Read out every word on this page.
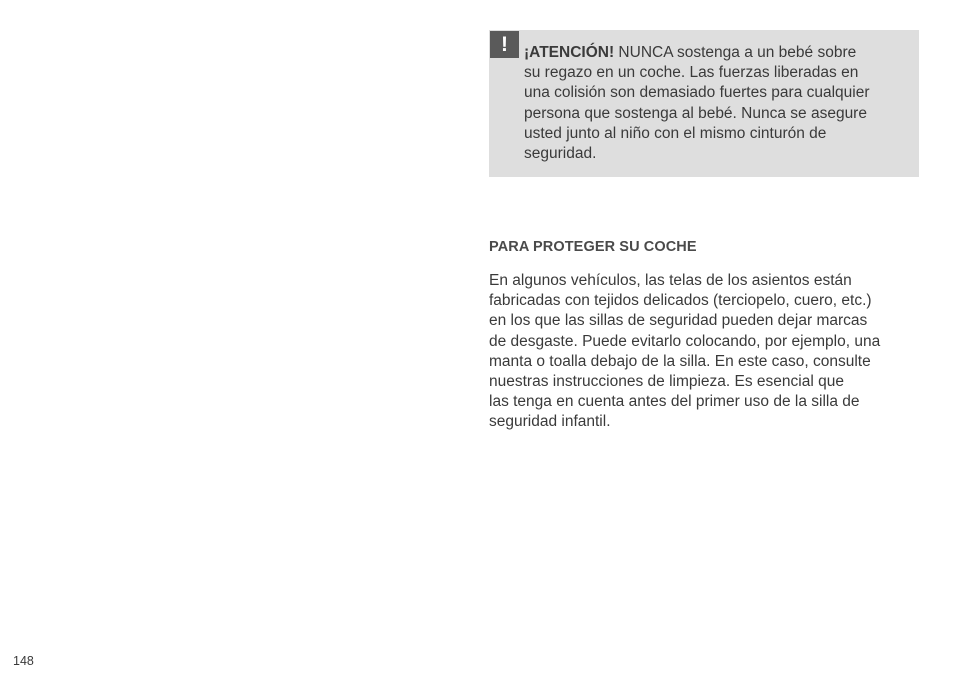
!	¡ATENCIÓN! NUNCA sostenga a un bebé sobre
su regazo en un coche. Las fuerzas liberadas en
una colisión son demasiado fuertes para cualquier
persona que sostenga al bebé. Nunca se asegure
usted junto al niño con el mismo cinturón de
seguridad.

PARA PROTEGER SU COCHE

En algunos vehículos, las telas de los asientos están
fabricadas con tejidos delicados (terciopelo, cuero, etc.)
en los que las sillas de seguridad pueden dejar marcas
de desgaste. Puede evitarlo colocando, por ejemplo, una
manta o toalla debajo de la silla. En este caso, consulte
nuestras instrucciones de limpieza. Es esencial que
las tenga en cuenta antes del primer uso de la silla de
seguridad infantil.

148
